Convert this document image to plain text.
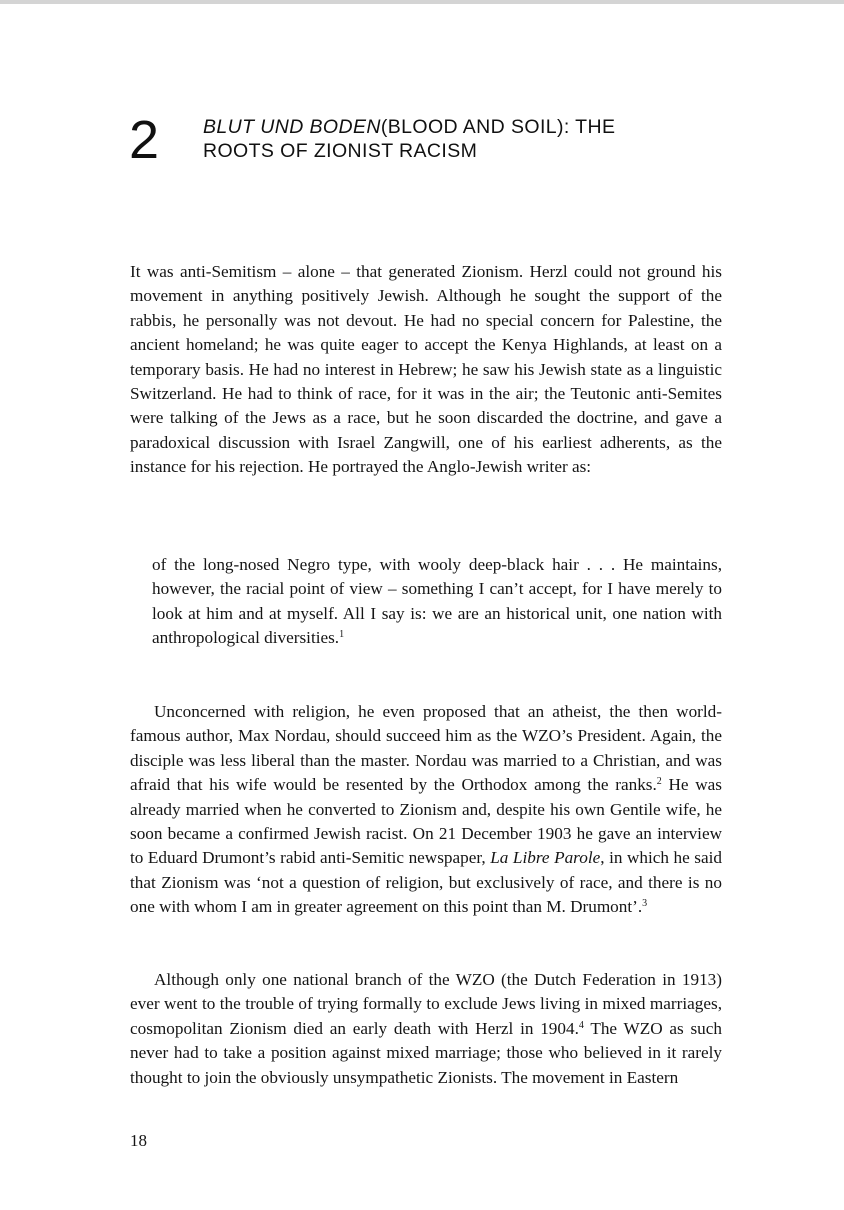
2 BLUT UND BODEN(BLOOD AND SOIL): THE
ROOTS OF ZIONIST RACISM

It was anti-Semitism – alone – that generated Zionism. Herzl could not ground his movement in anything positively Jewish. Although he sought the support of the rabbis, he personally was not devout. He had no special concern for Palestine, the ancient homeland; he was quite eager to accept the Kenya Highlands, at least on a temporary basis. He had no interest in Hebrew; he saw his Jewish state as a linguistic Switzerland. He had to think of race, for it was in the air; the Teutonic anti-Semites were talking of the Jews as a race, but he soon discarded the doctrine, and gave a paradoxical discussion with Israel Zangwill, one of his earliest adherents, as the instance for his rejection. He portrayed the Anglo-Jewish writer as:

of the long-nosed Negro type, with wooly deep-black hair . . . He maintains, however, the racial point of view – something I can’t accept, for I have merely to look at him and at myself. All I say is: we are an historical unit, one nation with anthropological diversities.$^1$

Unconcerned with religion, he even proposed that an atheist, the then world-famous author, Max Nordau, should succeed him as the WZO’s President. Again, the disciple was less liberal than the master. Nordau was married to a Christian, and was afraid that his wife would be resented by the Orthodox among the ranks.$^2$ He was already married when he converted to Zionism and, despite his own Gentile wife, he soon became a confirmed Jewish racist. On 21 December 1903 he gave an interview to Eduard Drumont’s rabid anti-Semitic newspaper, La Libre Parole, in which he said that Zionism was ‘not a question of religion, but exclusively of race, and there is no one with whom I am in greater agreement on this point than M. Drumont’.$^3$

Although only one national branch of the WZO (the Dutch Federation in 1913) ever went to the trouble of trying formally to exclude Jews living in mixed marriages, cosmopolitan Zionism died an early death with Herzl in 1904.$^4$ The WZO as such never had to take a position against mixed marriage; those who believed in it rarely thought to join the obviously unsympathetic Zionists. The movement in Eastern

18
